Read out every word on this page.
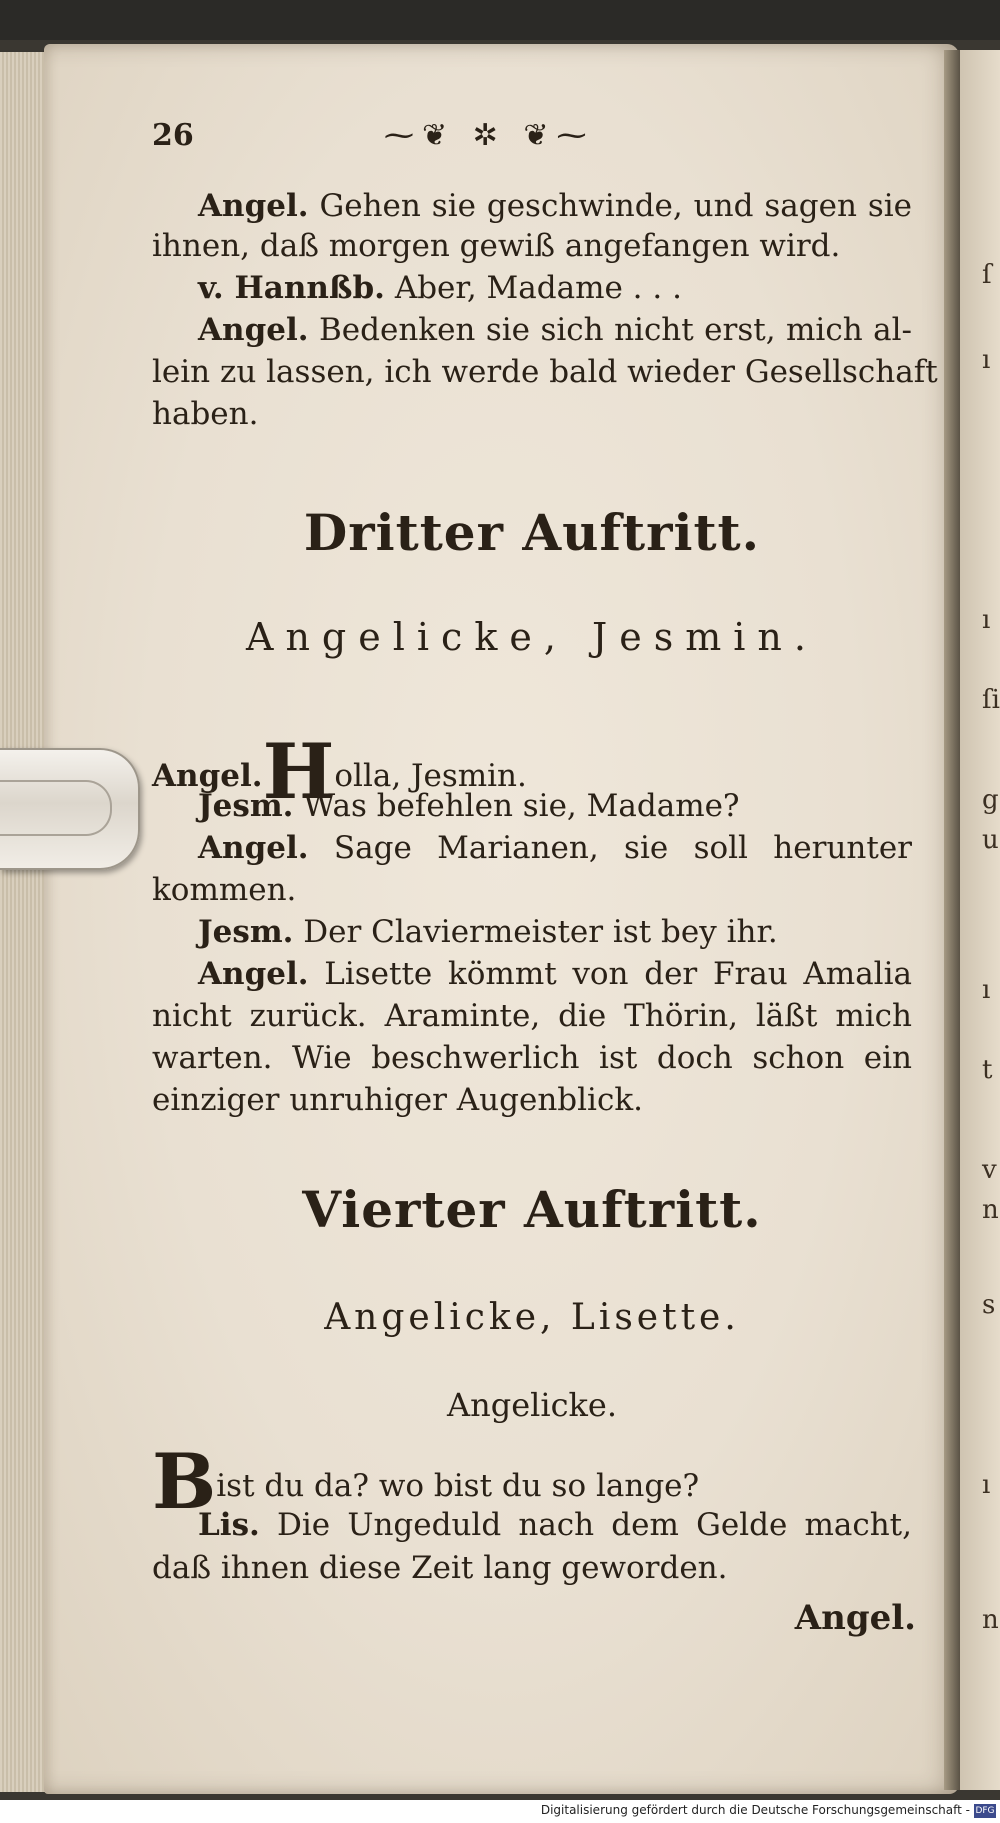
ſ
ı
ı
ſi
g
u
ı
t
v
n
s
ı
n
26	⁓❦ ✲ ❦⁓
Angel. Gehen sie geschwinde, und sagen sie
ihnen, daß morgen gewiß angefangen wird.
v. Hannßb. Aber, Madame . . .
Angel. Bedenken sie sich nicht erst, mich al-
lein zu lassen, ich werde bald wieder Gesellschaft
haben.
Dritter Auftritt.
Angelicke, Jesmin.
Angel.Holla, Jesmin.
Jesm. Was befehlen sie, Madame?
Angel. Sage Marianen, sie soll herunter
kommen.
Jesm. Der Claviermeister ist bey ihr.
Angel. Lisette kömmt von der Frau Amalia
nicht zurück. Araminte, die Thörin, läßt mich
warten. Wie beschwerlich ist doch schon ein
einziger unruhiger Augenblick.
Vierter Auftritt.
Angelicke, Lisette.
Angelicke.
Bist du da? wo bist du so lange?
Lis. Die Ungeduld nach dem Gelde macht,
daß ihnen diese Zeit lang geworden.
Angel.
Digitalisierung gefördert durch die Deutsche Forschungsgemeinschaft - DFG
